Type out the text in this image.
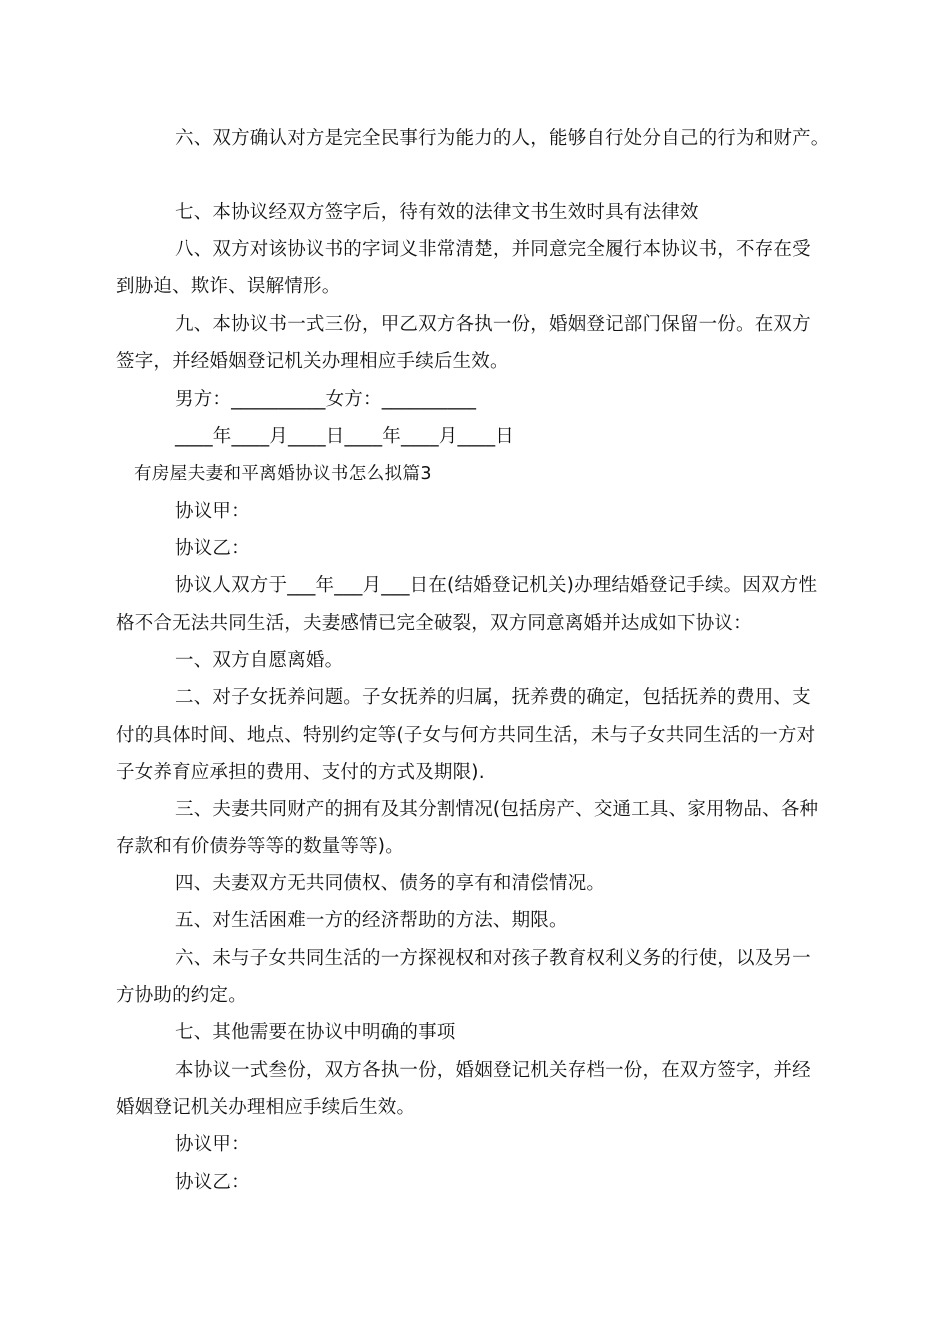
六、双方确认对方是完全民事行为能力的人，能够自行处分自己的行为和财产。

七、本协议经双方签字后，待有效的法律文书生效时具有法律效

八、双方对该协议书的字词义非常清楚，并同意完全履行本协议书，不存在受

到胁迫、欺诈、误解情形。

九、本协议书一式三份，甲乙双方各执一份，婚姻登记部门保留一份。在双方

签字，并经婚姻登记机关办理相应手续后生效。

男方：__________女方：__________

____年____月____日____年____月____日

有房屋夫妻和平离婚协议书怎么拟篇3

协议甲：

协议乙：

协议人双方于___年___月___日在(结婚登记机关)办理结婚登记手续。因双方性

格不合无法共同生活，夫妻感情已完全破裂，双方同意离婚并达成如下协议：

一、双方自愿离婚。

二、对子女抚养问题。子女抚养的归属，抚养费的确定，包括抚养的费用、支

付的具体时间、地点、特别约定等(子女与何方共同生活，未与子女共同生活的一方对

子女养育应承担的费用、支付的方式及期限).

三、夫妻共同财产的拥有及其分割情况(包括房产、交通工具、家用物品、各种

存款和有价债券等等的数量等等)。

四、夫妻双方无共同债权、债务的享有和清偿情况。

五、对生活困难一方的经济帮助的方法、期限。

六、未与子女共同生活的一方探视权和对孩子教育权利义务的行使，以及另一

方协助的约定。

七、其他需要在协议中明确的事项

本协议一式叁份，双方各执一份，婚姻登记机关存档一份，在双方签字，并经

婚姻登记机关办理相应手续后生效。

协议甲：

协议乙：
